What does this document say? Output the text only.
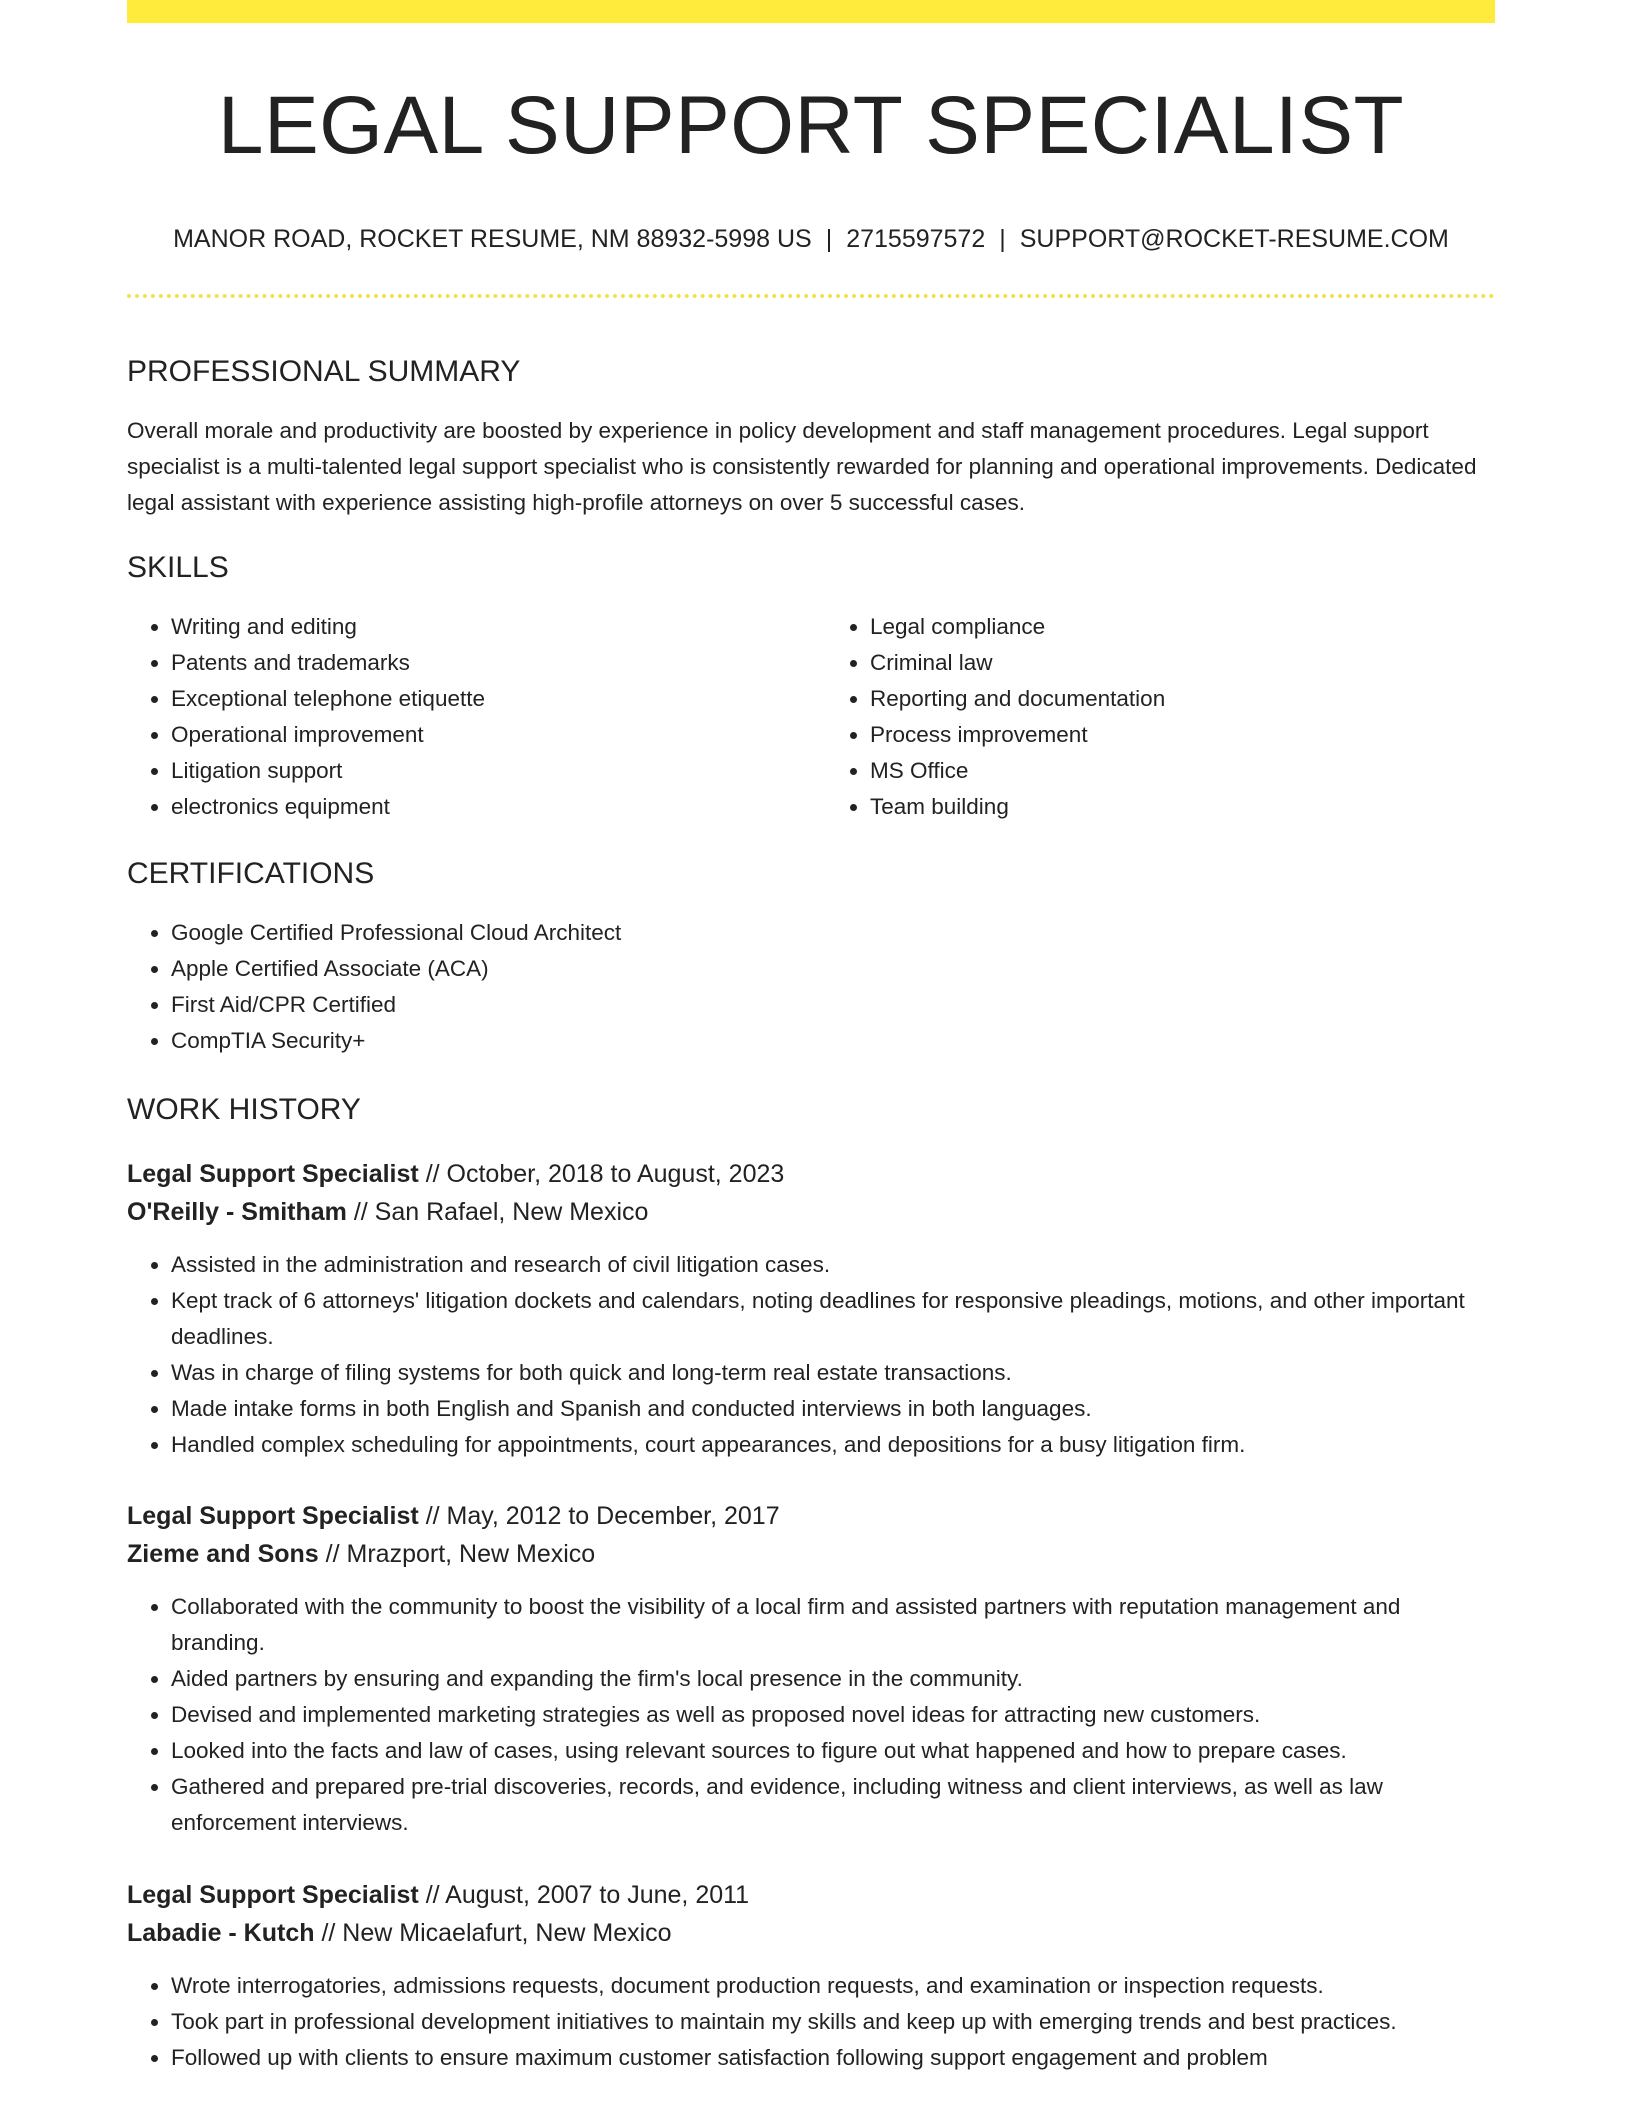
LEGAL SUPPORT SPECIALIST
MANOR ROAD, ROCKET RESUME, NM 88932-5998 US | 2715597572 | SUPPORT@ROCKET-RESUME.COM
PROFESSIONAL SUMMARY

Overall morale and productivity are boosted by experience in policy development and staff management procedures. Legal support specialist is a multi-talented legal support specialist who is consistently rewarded for planning and operational improvements. Dedicated legal assistant with experience assisting high-profile attorneys on over 5 successful cases.

SKILLS
• Writing and editing
• Patents and trademarks
• Exceptional telephone etiquette
• Operational improvement
• Litigation support
• electronics equipment
• Legal compliance
• Criminal law
• Reporting and documentation
• Process improvement
• MS Office
• Team building
CERTIFICATIONS
• Google Certified Professional Cloud Architect
• Apple Certified Associate (ACA)
• First Aid/CPR Certified
• CompTIA Security+
WORK HISTORY
Legal Support Specialist // October, 2018 to August, 2023
O'Reilly - Smitham // San Rafael, New Mexico
• Assisted in the administration and research of civil litigation cases.
• Kept track of 6 attorneys' litigation dockets and calendars, noting deadlines for responsive pleadings, motions, and other important deadlines.
• Was in charge of filing systems for both quick and long-term real estate transactions.
• Made intake forms in both English and Spanish and conducted interviews in both languages.
• Handled complex scheduling for appointments, court appearances, and depositions for a busy litigation firm.
Legal Support Specialist // May, 2012 to December, 2017
Zieme and Sons // Mrazport, New Mexico
• Collaborated with the community to boost the visibility of a local firm and assisted partners with reputation management and branding.
• Aided partners by ensuring and expanding the firm's local presence in the community.
• Devised and implemented marketing strategies as well as proposed novel ideas for attracting new customers.
• Looked into the facts and law of cases, using relevant sources to figure out what happened and how to prepare cases.
• Gathered and prepared pre-trial discoveries, records, and evidence, including witness and client interviews, as well as law enforcement interviews.
Legal Support Specialist // August, 2007 to June, 2011
Labadie - Kutch // New Micaelafurt, New Mexico
• Wrote interrogatories, admissions requests, document production requests, and examination or inspection requests.
• Took part in professional development initiatives to maintain my skills and keep up with emerging trends and best practices.
• Followed up with clients to ensure maximum customer satisfaction following support engagement and problem
